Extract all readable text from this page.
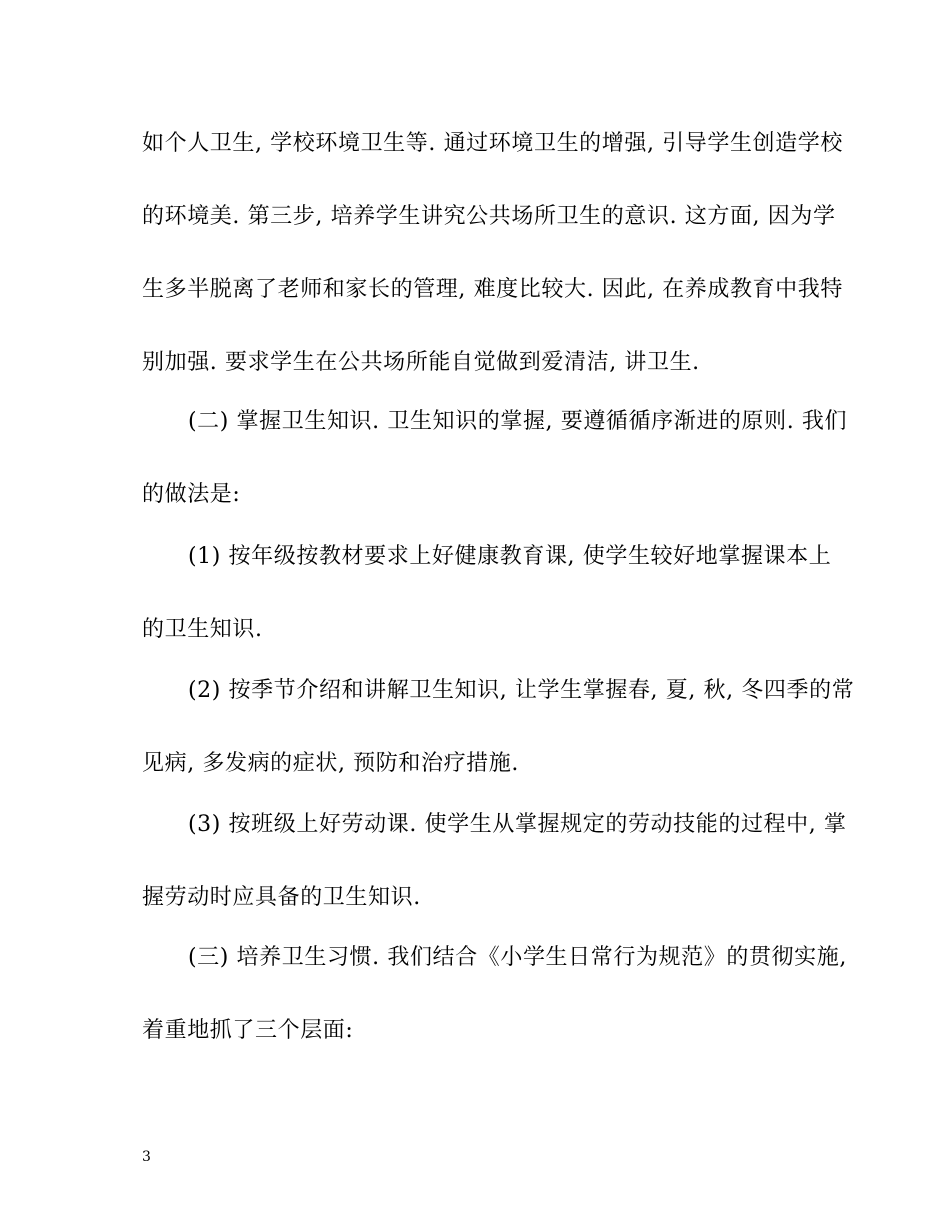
如个人卫生, 学校环境卫生等. 通过环境卫生的增强, 引导学生创造学校
的环境美. 第三步, 培养学生讲究公共场所卫生的意识. 这方面, 因为学
生多半脱离了老师和家长的管理, 难度比较大. 因此, 在养成教育中我特
别加强. 要求学生在公共场所能自觉做到爱清洁, 讲卫生.
(二) 掌握卫生知识. 卫生知识的掌握, 要遵循循序渐进的原则. 我们
的做法是:
(1) 按年级按教材要求上好健康教育课, 使学生较好地掌握课本上
的卫生知识.
(2) 按季节介绍和讲解卫生知识, 让学生掌握春, 夏, 秋, 冬四季的常
见病, 多发病的症状, 预防和治疗措施.
(3) 按班级上好劳动课. 使学生从掌握规定的劳动技能的过程中, 掌
握劳动时应具备的卫生知识.
(三) 培养卫生习惯. 我们结合《小学生日常行为规范》的贯彻实施,
着重地抓了三个层面:
3
